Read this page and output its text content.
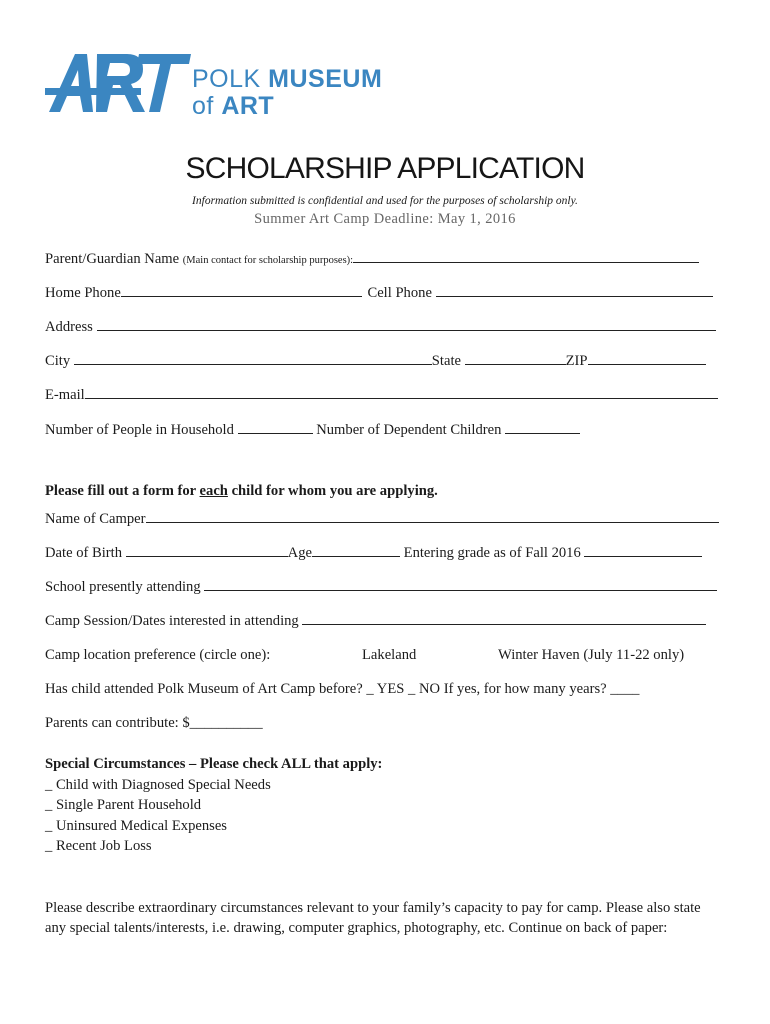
POLK MUSEUM
of ART
SCHOLARSHIP APPLICATION
Information submitted is confidential and used for the purposes of scholarship only.
Summer Art Camp Deadline: May 1, 2016
Parent/Guardian Name (Main contact for scholarship purposes):
Home Phone	Cell Phone
Address
City	State	ZIP
E-mail
Number of People in Household	Number of Dependent Children
Please fill out a form for each child for whom you are applying.
Name of Camper
Date of Birth	Age	Entering grade as of Fall 2016
School presently attending
Camp Session/Dates interested in attending
Camp location preference (circle one):	Lakeland	Winter Haven (July 11-22 only)
Has child attended Polk Museum of Art Camp before? _ YES _ NO If yes, for how many years? ____
Parents can contribute: $__________
Special Circumstances – Please check ALL that apply:
_ Child with Diagnosed Special Needs
_ Single Parent Household
_ Uninsured Medical Expenses
_ Recent Job Loss
Please describe extraordinary circumstances relevant to your family’s capacity to pay for camp. Please also state
any special talents/interests, i.e. drawing, computer graphics, photography, etc. Continue on back of paper:
